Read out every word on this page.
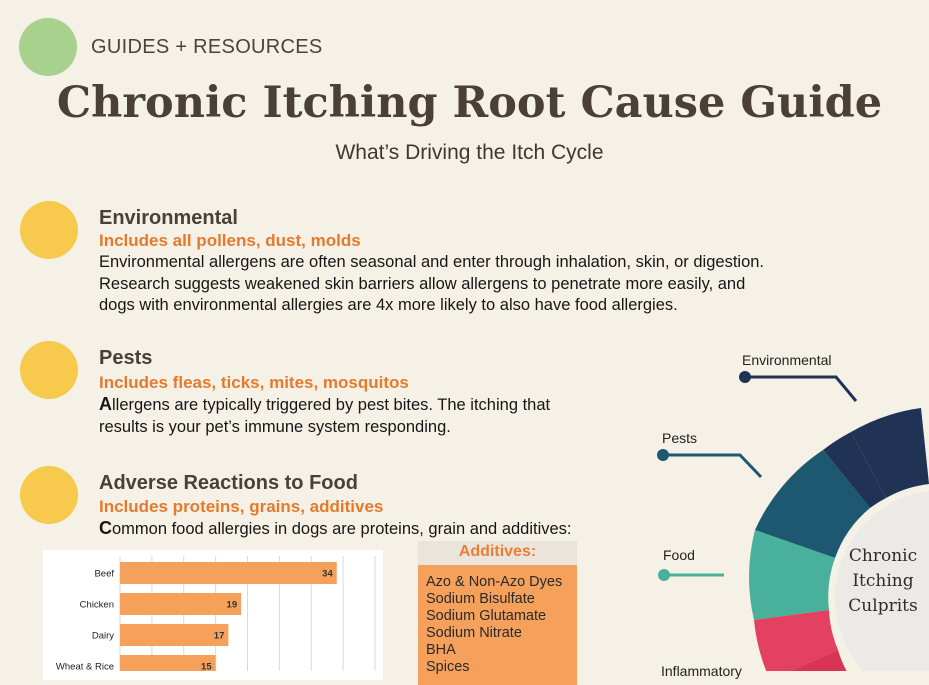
GUIDES + RESOURCES
Chronic Itching Root Cause Guide
What’s Driving the Itch Cycle
Environmental
Includes all pollens, dust, molds
Environmental allergens are often seasonal and enter through inhalation, skin, or digestion.
Research suggests weakened skin barriers allow allergens to penetrate more easily, and
dogs with environmental allergies are 4x more likely to also have food allergies.
Pests
Includes fleas, ticks, mites, mosquitos
Allergens are typically triggered by pest bites. The itching that
results is your pet’s immune system responding.
Adverse Reactions to Food
Includes proteins, grains, additives
Common food allergies in dogs are proteins, grain and additives:
Beef	34
Chicken	19
Dairy	17
Wheat & Rice	15
Additives:
Azo & Non-Azo Dyes
Sodium Bisulfate
Sodium Glutamate
Sodium Nitrate
BHA
Spices
Environmental
Pests
Food
Inflammatory
Chronic
Itching
Culprits
